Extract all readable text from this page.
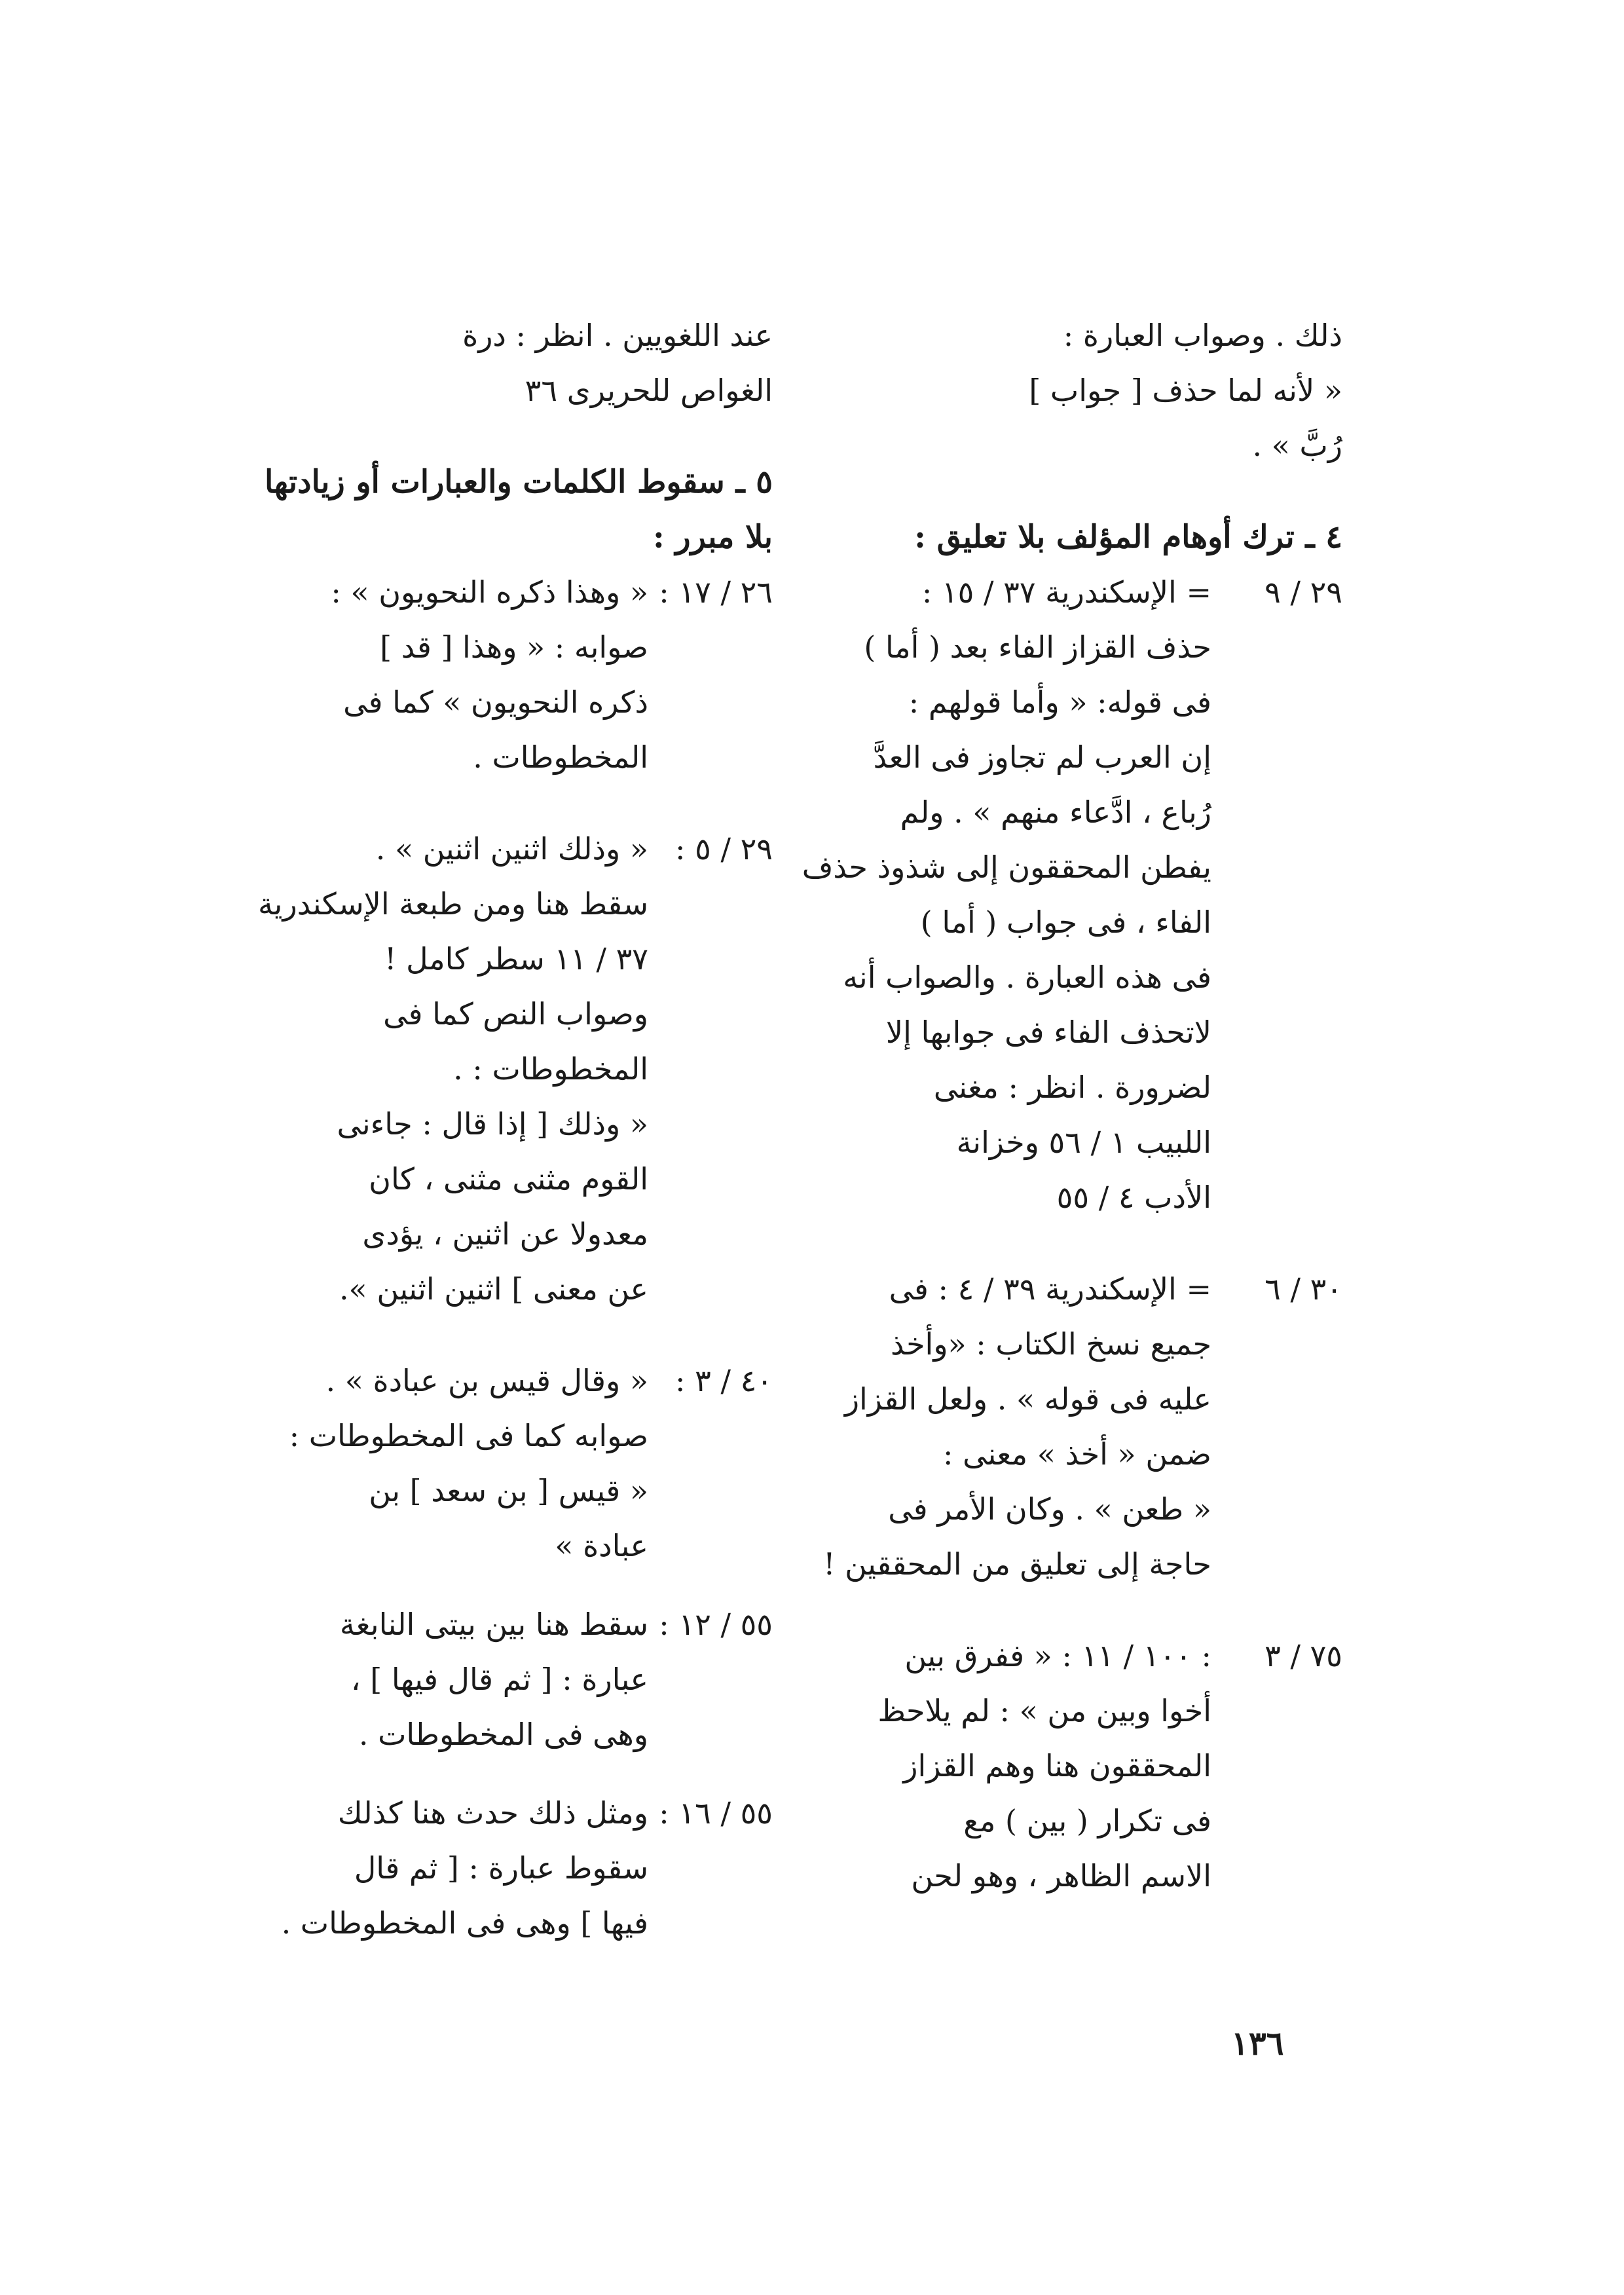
ذلك . وصواب العبارة :
« لأنه لما حذف [ جواب ]
رُبَّ » .
٤ ـ ترك أوهام المؤلف بلا تعليق :
٢٩ / ٩
= الإسكندرية ٣٧ / ١٥ :
حذف القزاز الفاء بعد ( أما )
فى قوله: « وأما قولهم :
إن العرب لم تجاوز فى العدَّ
رُباع ، ادَّعاء منهم » . ولم
يفطن المحققون إلى شذوذ حذف
الفاء ، فى جواب ( أما )
فى هذه العبارة . والصواب أنه
لاتحذف الفاء فى جوابها إلا
لضرورة . انظر : مغنى
اللبيب ١ / ٥٦ وخزانة
الأدب ٤ / ٥٥
٣٠ / ٦
= الإسكندرية ٣٩ / ٤ : فى
جميع نسخ الكتاب : «وأخذ
عليه فى قوله » . ولعل القزاز
ضمن « أخذ » معنى :
« طعن » . وكان الأمر فى
حاجة إلى تعليق من المحققين !
٧٥ / ٣
: ١٠٠ / ١١ : « ففرق بين
أخوا وبين من » : لم يلاحظ
المحققون هنا وهم القزاز
فى تكرار ( بين ) مع
الاسم الظاهر ، وهو لحن
عند اللغويين . انظر : درة
الغواص للحريرى ٣٦
٥ ـ سقوط الكلمات والعبارات أو زيادتها
بلا مبرر :
٢٦ / ١٧ :
« وهذا ذكره النحويون » :
صوابه : « وهذا [ قد ]
ذكره النحويون » كما فى
المخطوطات .
٢٩ / ٥ :
« وذلك اثنين اثنين » .
سقط هنا ومن طبعة الإسكندرية
٣٧ / ١١ سطر كامل !
وصواب النص كما فى
المخطوطات : .
« وذلك [ إذا قال : جاءنى
القوم مثنى مثنى ، كان
معدولا عن اثنين ، يؤدى
عن معنى ] اثنين اثنين ».
٤٠ / ٣ :
« وقال قيس بن عبادة » .
صوابه كما فى المخطوطات :
« قيس [ بن سعد ] بن
عبادة »
٥٥ / ١٢ :
سقط هنا بين بيتى النابغة
عبارة : [ ثم قال فيها ] ،
وهى فى المخطوطات .
٥٥ / ١٦ :
ومثل ذلك حدث هنا كذلك
سقوط عبارة : [ ثم قال
فيها ] وهى فى المخطوطات .
١٣٦
